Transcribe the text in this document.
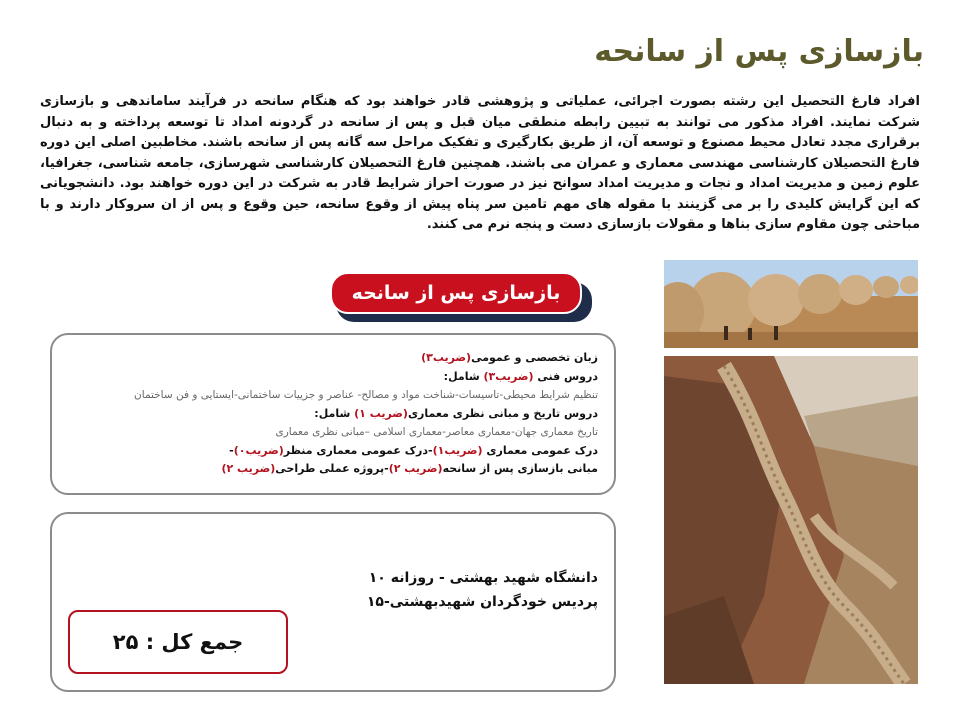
بازسازی پس از سانحه

افراد فارغ التحصیل این رشته بصورت اجرائی، عملیاتی و پژوهشی قادر خواهند بود که هنگام سانحه در فرآیند ساماندهی و بازسازی شرکت نمایند. افراد مذکور می توانند به تبیین رابطه منطقی میان قبل و پس از سانحه در گردونه امداد تا توسعه پرداخته و به دنبال برقراری مجدد تعادل محیط مصنوع و توسعه آن، از طریق بکارگیری و تفکیک مراحل سه گانه پس از سانحه باشند. مخاطبین اصلی این دوره فارغ التحصیلان کارشناسی مهندسی معماری و عمران می باشند. همچنین فارغ التحصیلان کارشناسی شهرسازی، جامعه شناسی، جغرافیا، علوم زمین و مدیریت امداد و نجات و مدیریت امداد سوانح نیز در صورت احراز شرایط قادر به شرکت در این دوره خواهند بود. دانشجویانی که این گرایش کلیدی را بر می گزینند با مقوله های مهم تامین سر پناه پیش از وقوع سانحه، حین وقوع و پس از ان سروکار دارند و با مباحثی چون مقاوم سازی بناها و مقولات بازسازی دست و پنجه نرم می کنند.

بازسازی پس از سانحه
زبان تخصصی و عمومی(ضریب۳)
دروس فنی (ضریب۳) شامل:
تنظیم شرایط محیطی-تاسیسات-شناخت مواد و مصالح- عناصر و جزییات ساختمانی-ایستایی و فن ساختمان
دروس تاریخ و مبانی نظری معماری(ضریب ۱) شامل:
تاریخ معماری جهان-معماری معاصر-معماری اسلامی –مبانی نظری معماری
درک عمومی معماری (ضریب۱)-درک عمومی معماری منظر(ضریب۰)-
مبانی بازسازی پس از سانحه(ضریب ۲)-پروژه عملی طراحی(ضریب ۲)
دانشگاه شهید بهشتی - روزانه ۱۰
پردیس خودگردان شهیدبهشتی-۱۵
جمع کل : ۲۵
